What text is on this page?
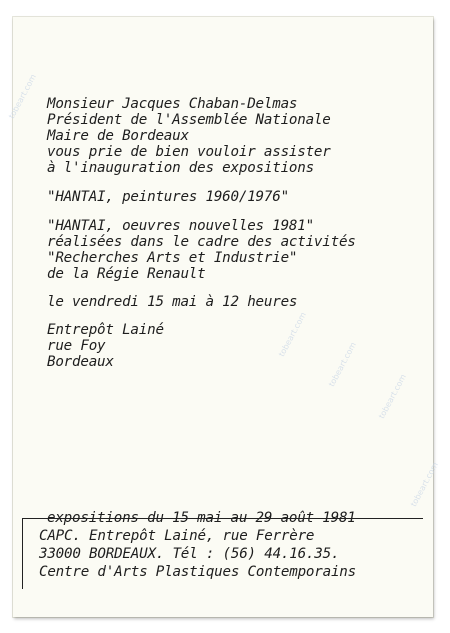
Monsieur Jacques Chaban-Delmas
Président de l'Assemblée Nationale
Maire de Bordeaux
vous prie de bien vouloir assister
à l'inauguration des expositions
"HANTAI, peintures 1960/1976"
"HANTAI, oeuvres nouvelles 1981"
réalisées dans le cadre des activités
"Recherches Arts et Industrie"
de la Régie Renault
le vendredi 15 mai à 12 heures
Entrepôt Lainé
rue Foy
Bordeaux
expositions du 15 mai au 29 août 1981
CAPC. Entrepôt Lainé, rue Ferrère
33000 BORDEAUX. Tél : (56) 44.16.35.
Centre d'Arts Plastiques Contemporains
tobeart.com
tobeart.com
tobeart.com
tobeart.com
tobeart.com
